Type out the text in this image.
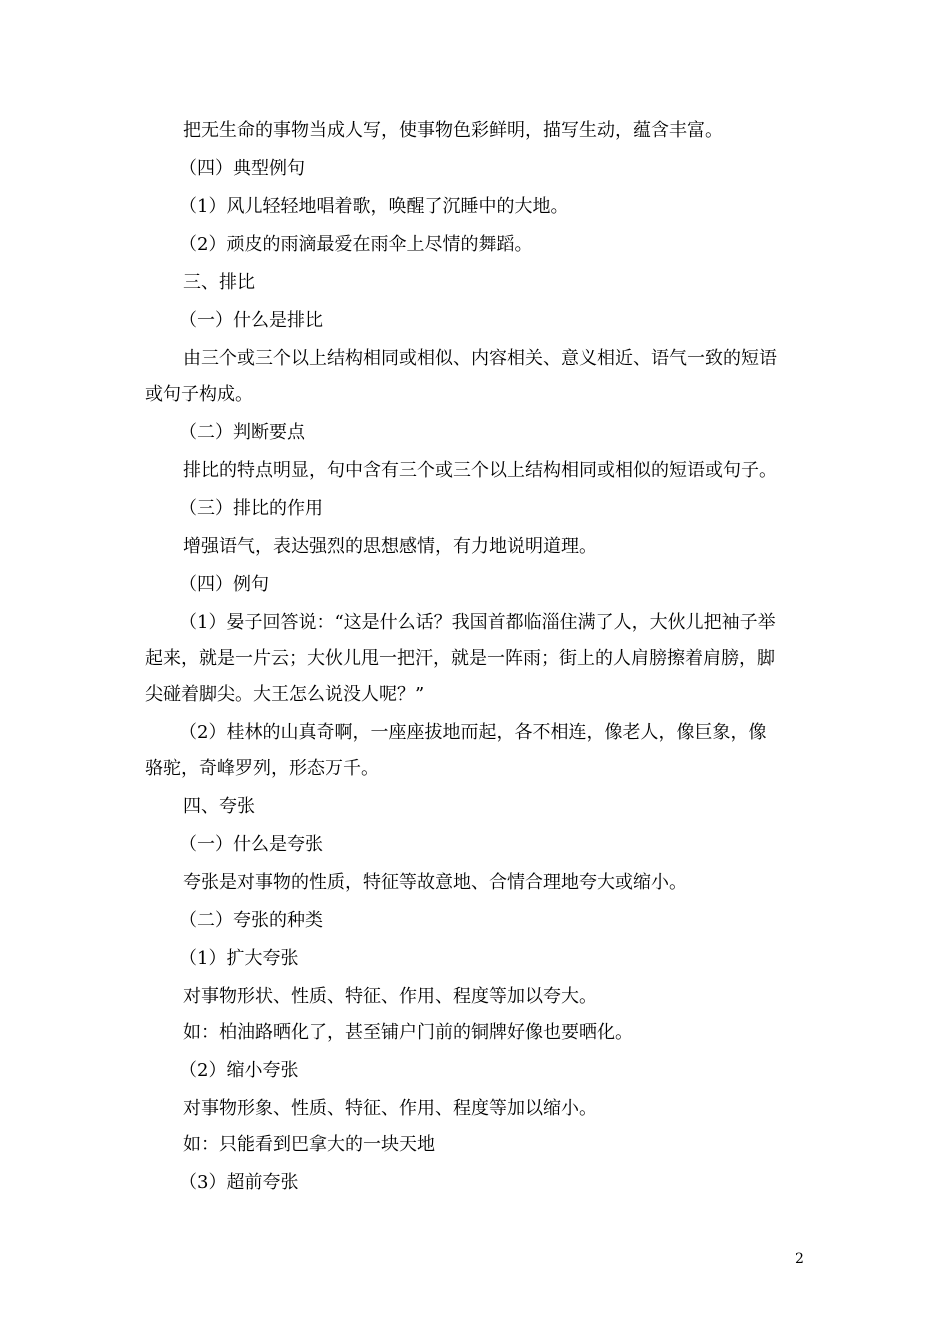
把无生命的事物当成人写，使事物色彩鲜明，描写生动，蕴含丰富。
（四）典型例句
（1）风儿轻轻地唱着歌，唤醒了沉睡中的大地。
（2）顽皮的雨滴最爱在雨伞上尽情的舞蹈。
三、排比
（一）什么是排比
由三个或三个以上结构相同或相似、内容相关、意义相近、语气一致的短语
或句子构成。
（二）判断要点
排比的特点明显，句中含有三个或三个以上结构相同或相似的短语或句子。
（三）排比的作用
增强语气，表达强烈的思想感情，有力地说明道理。
（四）例句
（1）晏子回答说：“这是什么话？我国首都临淄住满了人，大伙儿把袖子举
起来，就是一片云；大伙儿甩一把汗，就是一阵雨；街上的人肩膀擦着肩膀，脚
尖碰着脚尖。大王怎么说没人呢？”
（2）桂林的山真奇啊，一座座拔地而起，各不相连，像老人，像巨象，像
骆驼，奇峰罗列，形态万千。
四、夸张
（一）什么是夸张
夸张是对事物的性质，特征等故意地、合情合理地夸大或缩小。
（二）夸张的种类
（1）扩大夸张
对事物形状、性质、特征、作用、程度等加以夸大。
如：柏油路晒化了，甚至铺户门前的铜牌好像也要晒化。
（2）缩小夸张
对事物形象、性质、特征、作用、程度等加以缩小。
如：只能看到巴拿大的一块天地
（3）超前夸张
2
